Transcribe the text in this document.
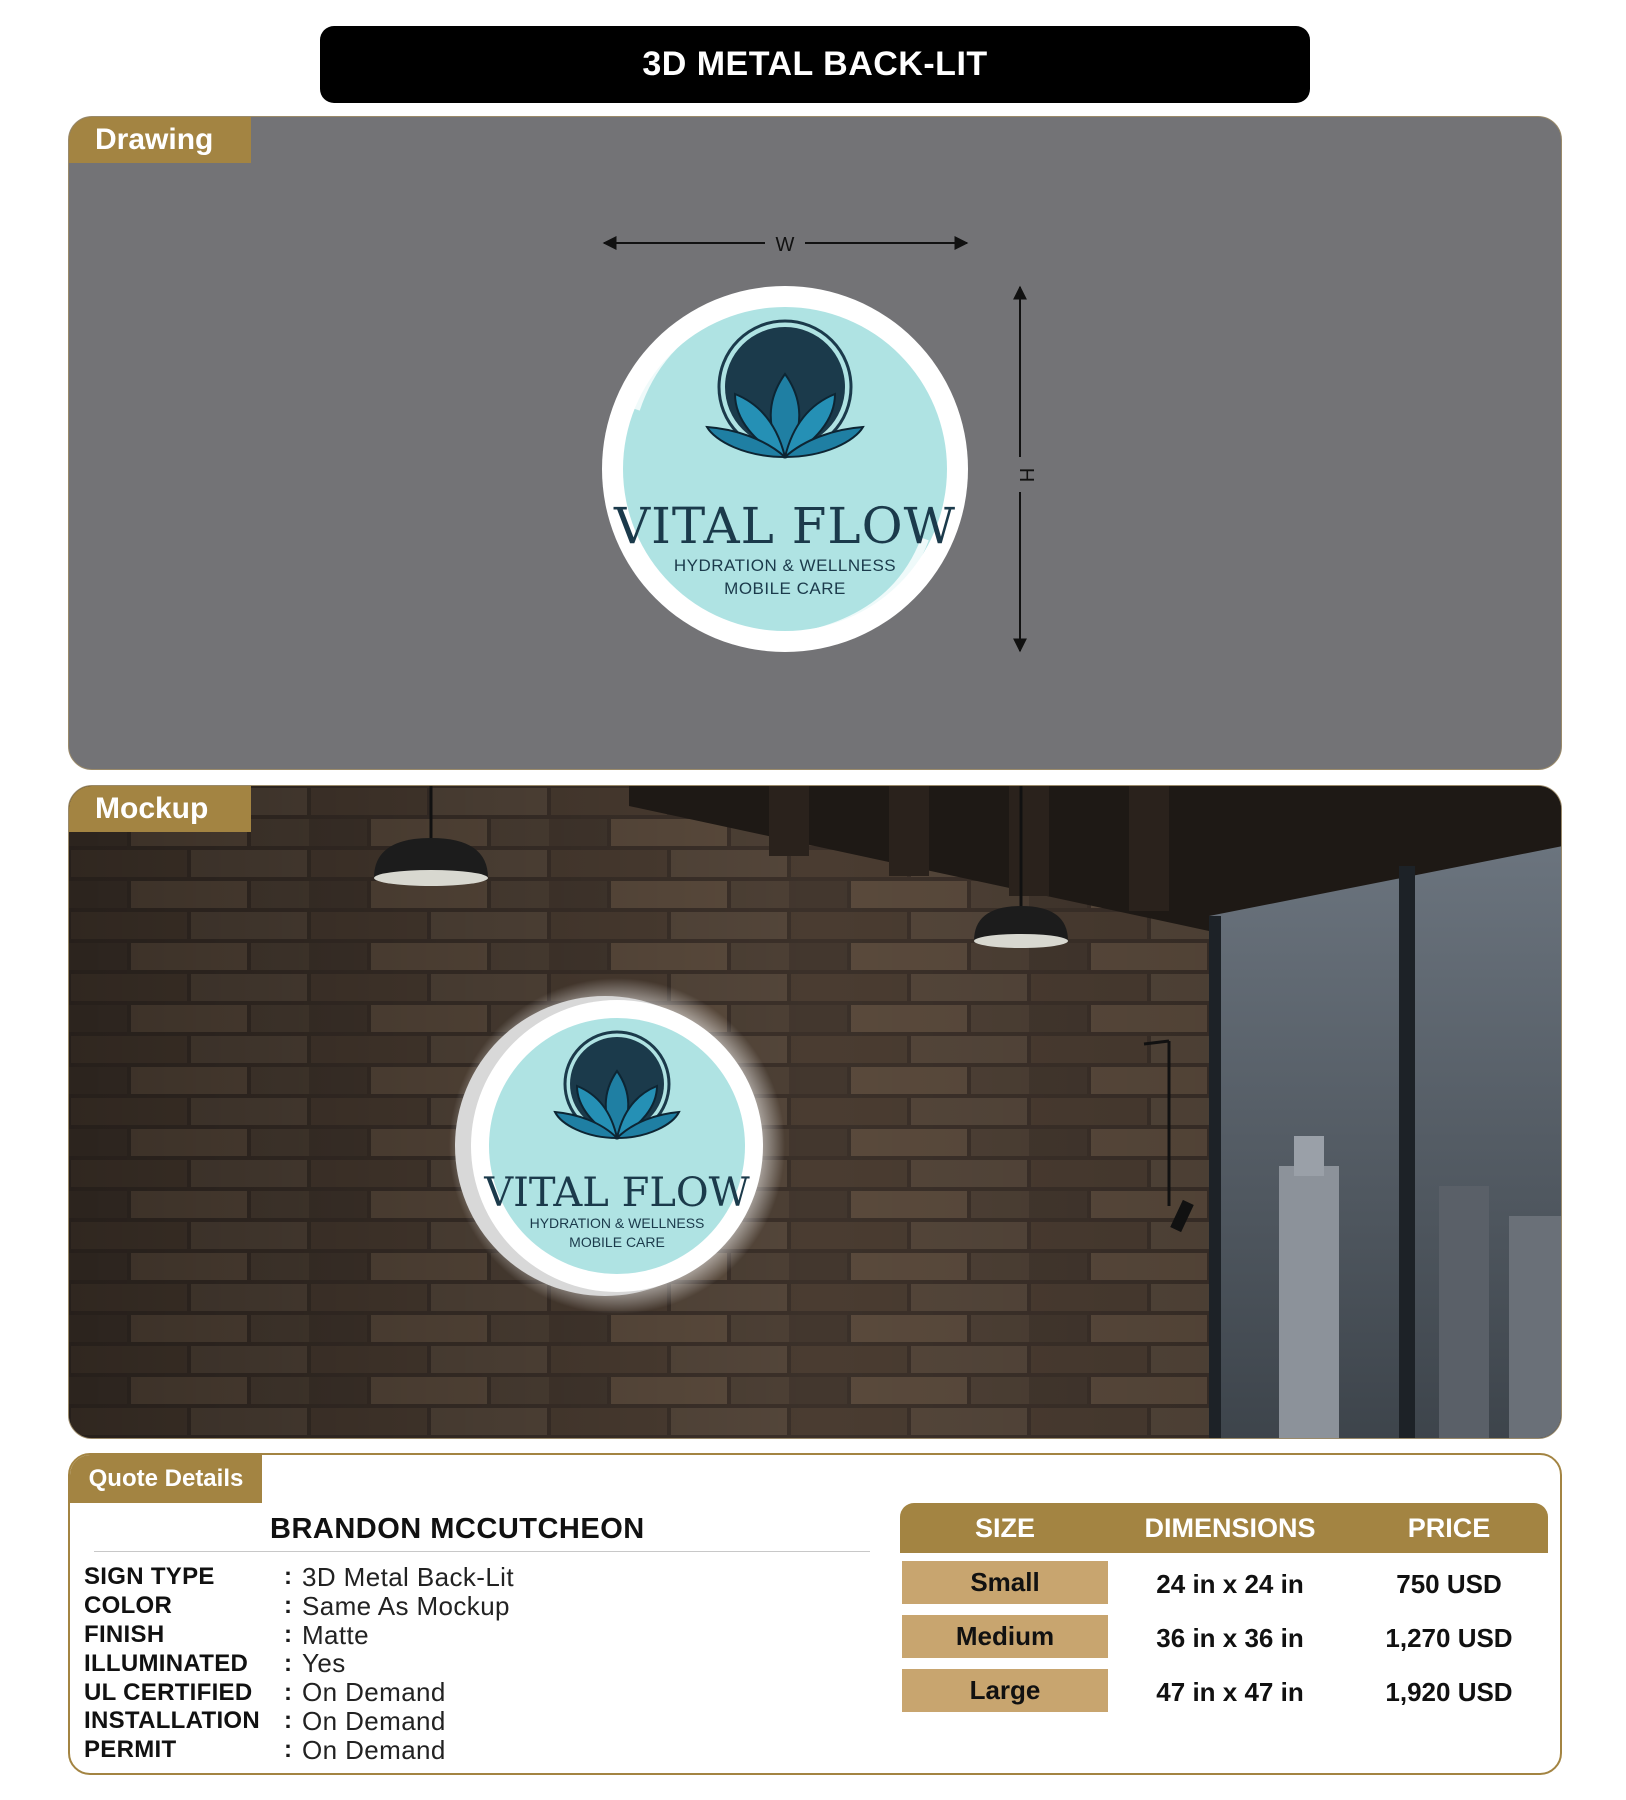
3D METAL BACK-LIT
Drawing
W
H
VITAL FLOW
HYDRATION & WELLNESS
MOBILE CARE
VITAL FLOW
HYDRATION & WELLNESS
MOBILE CARE
Mockup
Quote Details
BRANDON MCCUTCHEON
SIGN TYPE	: 3D Metal Back-Lit
COLOR	: Same As Mockup
FINISH	: Matte
ILLUMINATED	: Yes
UL CERTIFIED	: On Demand
INSTALLATION : On Demand
PERMIT	: On Demand
SIZE	DIMENSIONS	PRICE
Small	24 in x 24 in	750 USD
Medium	36 in x 36 in	1,270 USD
Large	47 in x 47 in	1,920 USD
